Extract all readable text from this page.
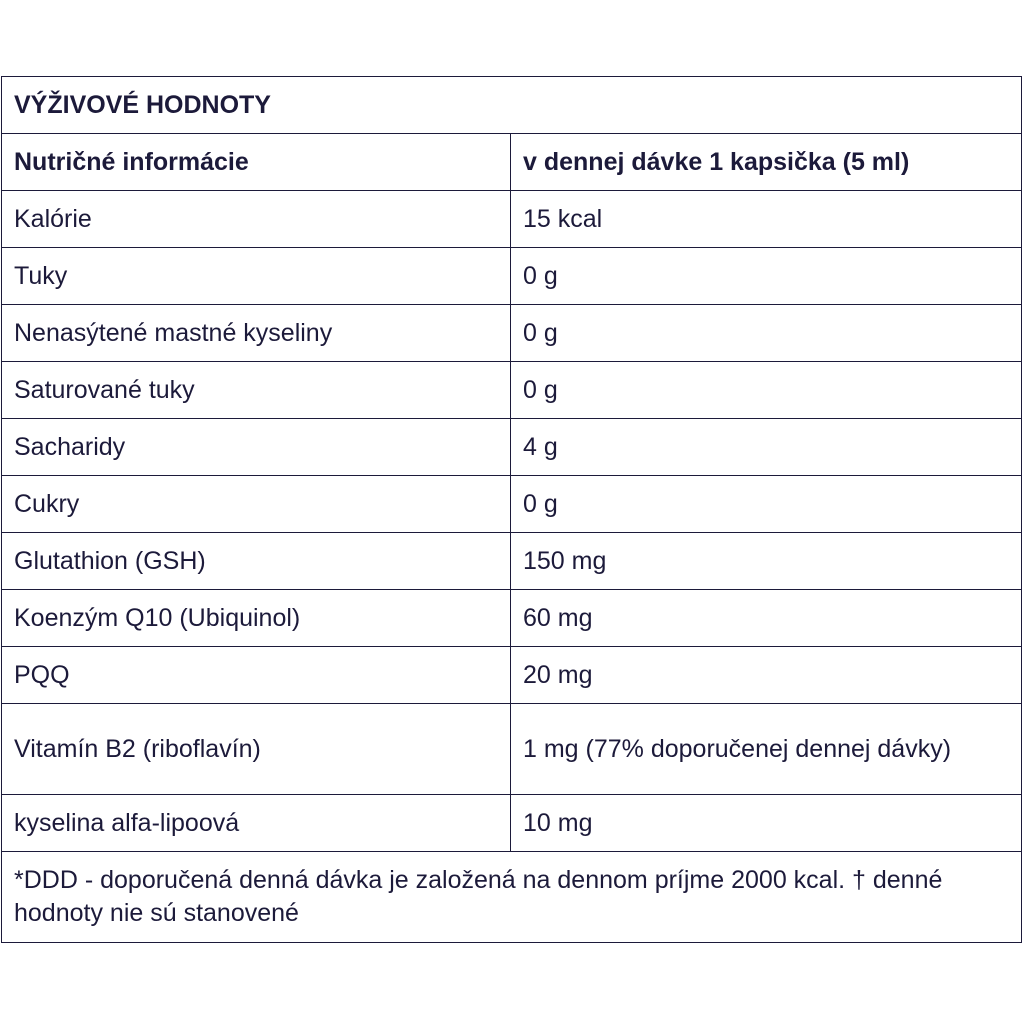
VÝŽIVOVÉ HODNOTY	
Nutričné informácie	v dennej dávke 1 kapsička (5 ml)
Kalórie	15 kcal
Tuky	0 g
Nenasýtené mastné kyseliny	0 g
Saturované tuky	0 g
Sacharidy	4 g
Cukry	0 g
Glutathion (GSH)	150 mg
Koenzým Q10 (Ubiquinol)	60 mg
PQQ	20 mg
Vitamín B2 (riboflavín)	1 mg (77% doporučenej dennej dávky)
kyselina alfa-lipoová	10 mg
*DDD - doporučená denná dávka je založená na dennom príjme 2000 kcal. † denné hodnoty nie sú stanovené	
